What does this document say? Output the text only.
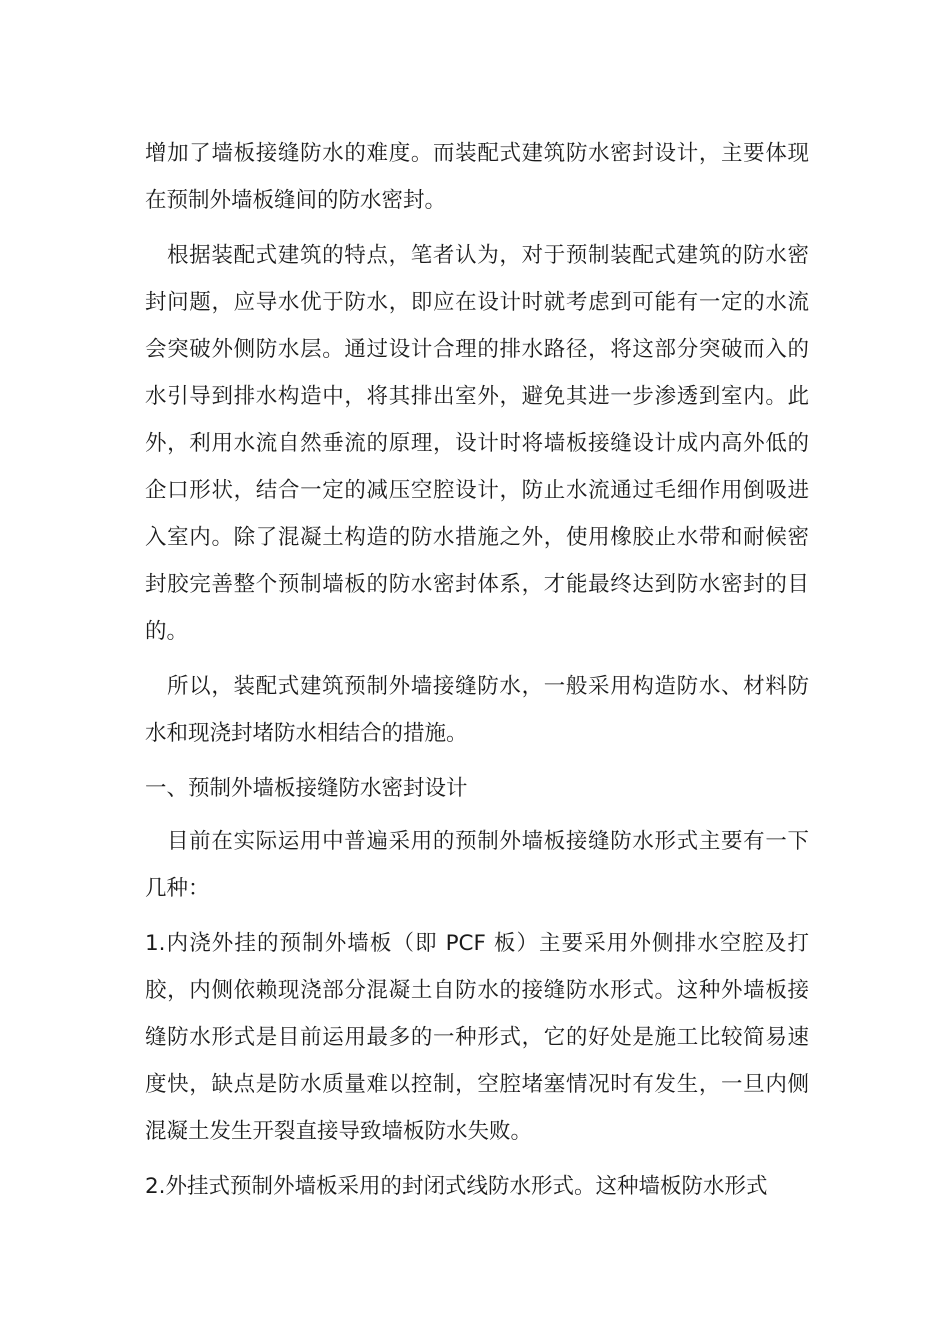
增加了墙板接缝防水的难度。而装配式建筑防水密封设计，主要体现在预制外墙板缝间的防水密封。

根据装配式建筑的特点，笔者认为，对于预制装配式建筑的防水密封问题，应导水优于防水，即应在设计时就考虑到可能有一定的水流会突破外侧防水层。通过设计合理的排水路径，将这部分突破而入的水引导到排水构造中，将其排出室外，避免其进一步渗透到室内。此外，利用水流自然垂流的原理，设计时将墙板接缝设计成内高外低的企口形状，结合一定的减压空腔设计，防止水流通过毛细作用倒吸进入室内。除了混凝土构造的防水措施之外，使用橡胶止水带和耐候密封胶完善整个预制墙板的防水密封体系，才能最终达到防水密封的目的。

所以，装配式建筑预制外墙接缝防水，一般采用构造防水、材料防水和现浇封堵防水相结合的措施。

一、预制外墙板接缝防水密封设计

目前在实际运用中普遍采用的预制外墙板接缝防水形式主要有一下几种：

1.内浇外挂的预制外墙板（即 PCF 板）主要采用外侧排水空腔及打胶，内侧依赖现浇部分混凝土自防水的接缝防水形式。这种外墙板接缝防水形式是目前运用最多的一种形式，它的好处是施工比较简易速度快，缺点是防水质量难以控制，空腔堵塞情况时有发生，一旦内侧混凝土发生开裂直接导致墙板防水失败。

2.外挂式预制外墙板采用的封闭式线防水形式。这种墙板防水形式
